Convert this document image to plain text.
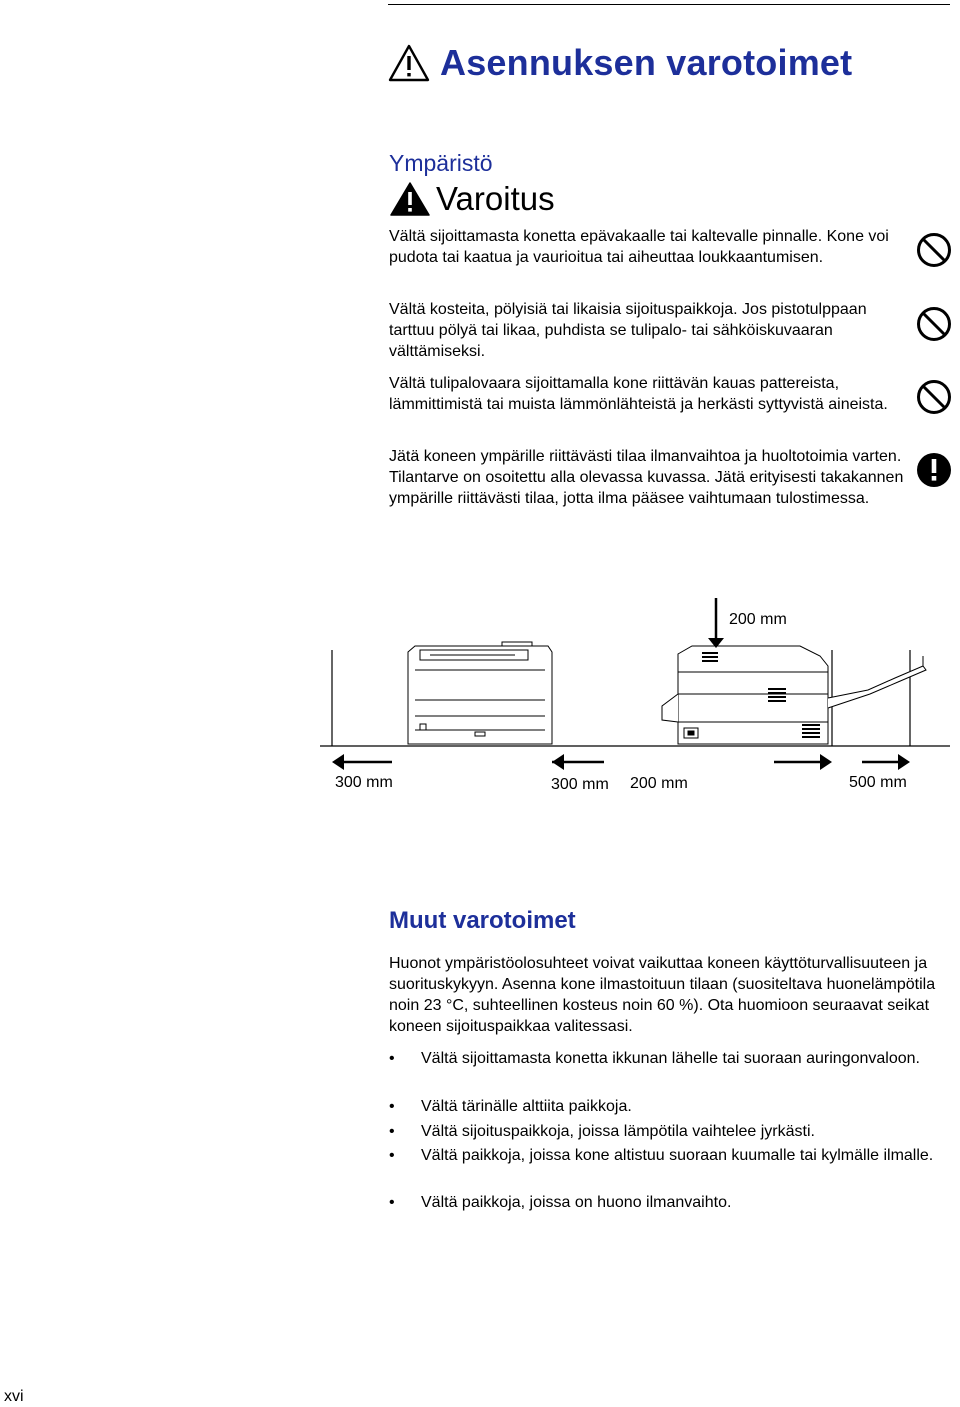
Asennuksen varotoimet
Ympäristö
Varoitus
Vältä sijoittamasta konetta epävakaalle tai kaltevalle pinnalle. Kone voi pudota tai kaatua ja vaurioitua tai aiheuttaa loukkaantumisen.
Vältä kosteita, pölyisiä tai likaisia sijoituspaikkoja. Jos pistotulppaan tarttuu pölyä tai likaa, puhdista se tulipalo- tai sähköiskuvaaran välttämiseksi.
Vältä tulipalovaara sijoittamalla kone riittävän kauas pattereista, lämmittimistä tai muista lämmönlähteistä ja herkästi syttyvistä aineista.
Jätä koneen ympärille riittävästi tilaa ilmanvaihtoa ja huoltotoimia varten. Tilantarve on osoitettu alla olevassa kuvassa. Jätä erityisesti takakannen ympärille riittävästi tilaa, jotta ilma pääsee vaihtumaan tulostimessa.
200 mm
300 mm	300 mm 200 mm	500 mm
Muut varotoimet
Huonot ympäristöolosuhteet voivat vaikuttaa koneen käyttöturvallisuuteen ja suorituskykyyn. Asenna kone ilmastoituun tilaan (suositeltava huonelämpötila noin 23 °C, suhteellinen kosteus noin 60 %). Ota huomioon seuraavat seikat koneen sijoituspaikkaa valitessasi.
• Vältä sijoittamasta konetta ikkunan lähelle tai suoraan auringonvaloon.
• Vältä tärinälle alttiita paikkoja.
• Vältä sijoituspaikkoja, joissa lämpötila vaihtelee jyrkästi.
• Vältä paikkoja, joissa kone altistuu suoraan kuumalle tai kylmälle ilmalle.
• Vältä paikkoja, joissa on huono ilmanvaihto.
xvi
